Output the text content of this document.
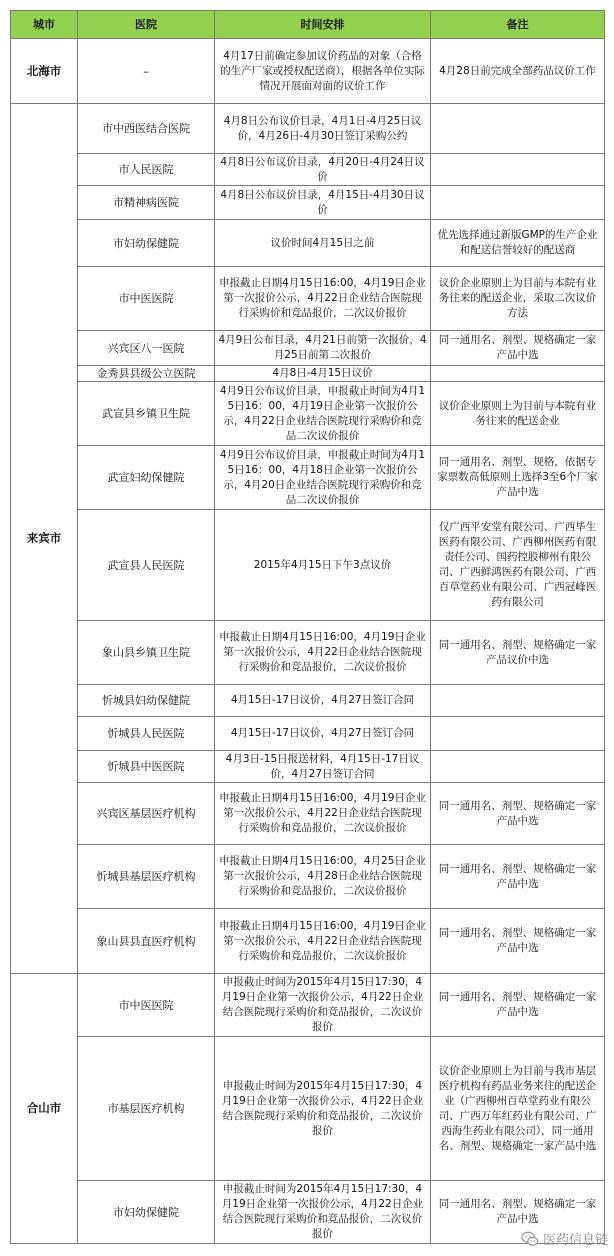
城市	医院	时间安排	备注
北海市	–	4月17日前确定参加议价药品的对象（合格的生产厂家或授权配送商），根据各单位实际情况开展面对面的议价工作	4月28日前完成全部药品议价工作
来宾市	市中西医结合医院	4月8日公布议价目录，4月1日-4月25日议价，4月26日-4月30日签订采购公约	
	市人民医院	4月8日公布议价目录，4月20日-4月24日议价	
	市精神病医院	4月8日公布议价目录，4月15日-4月30日议价	
	市妇幼保健院	议价时间4月15日之前	优先选择通过新版GMP的生产企业和配送信誉较好的配送商
	市中医医院	申报截止日期4月15日16:00，4月19日企业第一次报价公示，4月22日企业结合医院现行采购价和竞品报价，二次议价报价	议价企业原则上为目前与本院有业务往来的配送企业，采取二次议价方法
	兴宾区八一医院	4月9日公布目录，4月21日前第一次报价，4月25日前第二次报价	同一通用名、剂型、规格确定一家产品中选
	金秀县县级公立医院	4月8日-4月15日议价	
	武宣县乡镇卫生院	4月9日公布议价目录，申报截止时间为4月15日16：00，4月19日企业第一次报价公示，4月22日企业结合医院现行采购价和竞品二次议价报价	议价企业原则上为目前与本院有业务往来的配送企业
	武宣妇幼保健院	4月9日公布议价目录，申报截止时间为4月15日16：00，4月18日企业第一次报价公示，4月20日企业结合医院现行采购价和竞品二次议价报价	同一通用名、剂型、规格，依据专家票数高低原则上选择3至6个厂家产品中选
	武宣县人民医院	2015年4月15日下午3点议价	仅广西平安堂有限公司、广西毕生医药有限公司、广西柳州医药有限责任公司、国药控股柳州有限公司、广西鲜鸿医药有限公司、广西百草堂药业有限公司、广西冠峰医药有限公司
	象山县乡镇卫生院	申报截止日期4月15日16:00，4月19日企业第一次报价公示，4月22日企业结合医院现行采购价和竞品报价，二次议价报价	同一通用名、剂型、规格确定一家产品议价中选
	忻城县妇幼保健院	4月15日-17日议价，4月27日签订合同	
	忻城县人民医院	4月15日-17日议价，4月27日签订合同	
	忻城县中医医院	4月3日-15日报送材料，4月15日-17日议价，4月27日签订合同	
	兴宾区基层医疗机构	申报截止日期4月15日16:00，4月19日企业第一次报价公示，4月22日企业结合医院现行采购价和竞品报价，二次议价报价	同一通用名、剂型、规格确定一家产品中选
	忻城县基层医疗机构	申报截止日期4月15日16:00，4月25日企业第一次报价公示，4月28日企业结合医院现行采购价和竞品报价，二次议价报价	同一通用名、剂型、规格确定一家产品中选
	象山县县直医疗机构	申报截止日期4月15日16:00，4月19日企业第一次报价公示，4月22日企业结合医院现行采购价和竞品报价，二次议价报价	同一通用名、剂型、规格确定一家产品中选
合山市	市中医医院	申报截止时间为2015年4月15日17:30，4月19日企业第一次报价公示，4月22日企业结合医院现行采购价和竞品报价，二次议价报价	同一通用名、剂型、规格确定一家产品中选
	市基层医疗机构	申报截止时间为2015年4月15日17:30，4月19日企业第一次报价公示，4月22日企业结合医院现行采购价和竞品报价，二次议价报价	议价企业原则上为目前与我市基层医疗机构有药品业务来往的配送企业（广西柳州百草堂药业有限公司、广西万年红药业有限公司、广西海生药业有限公司），同一通用名、剂型、规格确定一家产品中选
	市妇幼保健院	申报截止时间为2015年4月15日17:30，4月19日企业第一次报价公示，4月22日企业结合医院现行采购价和竞品报价，二次议价报价	同一通用名、剂型、规格确定一家产品中选
医药信息链
